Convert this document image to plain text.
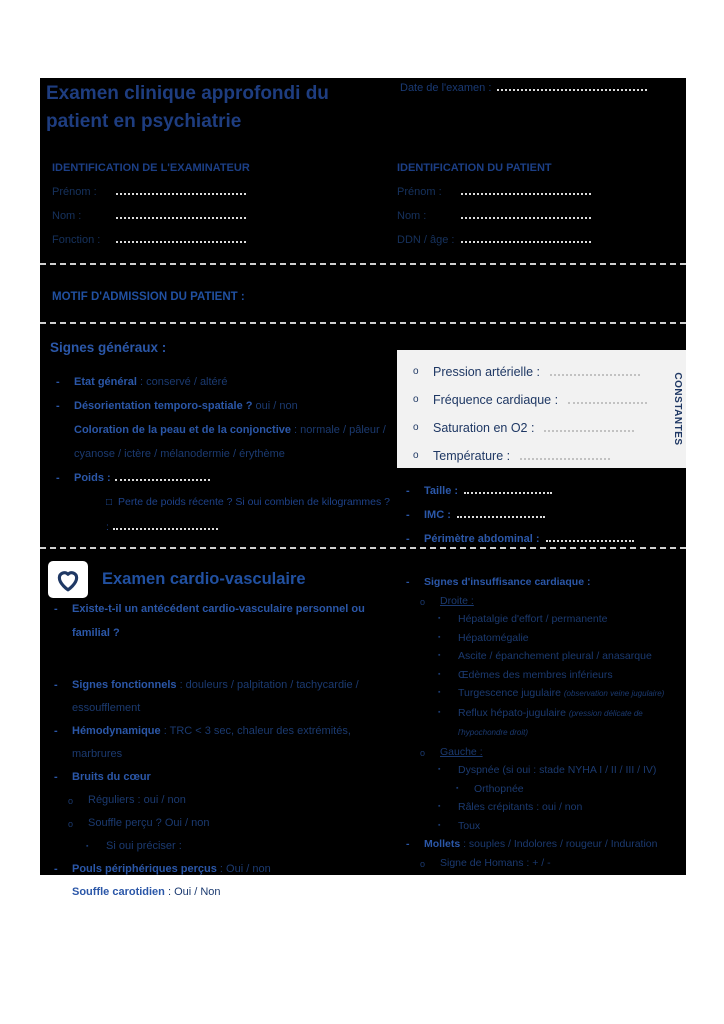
Examen clinique approfondi du patient en psychiatrie
Date de l'examen :
IDENTIFICATION DE L'EXAMINATEUR
Prénom :
Nom :
Fonction :
IDENTIFICATION DU PATIENT
Prénom :
Nom :
DDN / âge :
MOTIF D'ADMISSION DU PATIENT :
Signes généraux :
- Etat général : conservé / altéré
- Désorientation temporo-spatiale ? oui / non
Coloration de la peau et de la conjonctive : normale / pâleur / cyanose / ictère / mélanodermie / érythème
- Poids :
□ Perte de poids récente ? Si oui combien de kilogrammes ? :
o Pression artérielle :
o Fréquence cardiaque :
o Saturation en O2 :
o Température :
CONSTANTES
- Taille :
- IMC :
- Périmètre abdominal :
Examen cardio-vasculaire
- Existe-t-il un antécédent cardio-vasculaire personnel ou familial ?
- Signes fonctionnels : douleurs / palpitation / tachycardie / essoufflement
- Hémodynamique : TRC < 3 sec, chaleur des extrémités, marbrures
- Bruits du cœur
o Réguliers : oui / non
o Souffle perçu ? Oui / non
▪ Si oui préciser :
- Pouls périphériques perçus : Oui / non
Souffle carotidien : Oui / Non
- Signes d'insuffisance cardiaque :
o Droite :
▪ Hépatalgie d'effort / permanente
▪ Hépatomégalie
▪ Ascite / épanchement pleural / anasarque
▪ Œdèmes des membres inférieurs
▪ Turgescence jugulaire (observation veine jugulaire)
▪ Reflux hépato-jugulaire (pression délicate de l'hypochondre droit)
o Gauche :
▪ Dyspnée (si oui : stade NYHA I / II / III / IV)
▪ Orthopnée
▪ Râles crépitants : oui / non
▪ Toux
- Mollets : souples / Indolores / rougeur / Induration
o Signe de Homans : + / -
